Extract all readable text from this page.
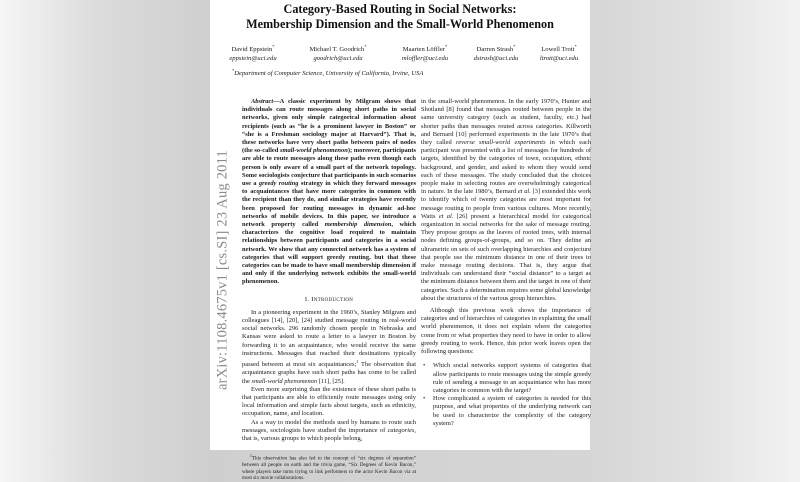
Category-Based Routing in Social Networks:
Membership Dimension and the Small-World Phenomenon
David Eppstein*
eppstein@uci.edu
Michael T. Goodrich*
goodrich@uci.edu
Maarten Löffler*
mloffler@uci.edu
Darren Strash*
dstrash@uci.edu
Lowell Trott*
ltrott@uci.edu
*Department of Computer Science, University of California, Irvine, USA
arXiv:1108.4675v1 [cs.SI] 23 Aug 2011

Abstract—A classic experiment by Milgram shows that individuals can route messages along short paths in social networks, given only simple categorical information about recipients (such as “he is a prominent lawyer in Boston” or “she is a Freshman sociology major at Harvard”). That is, these networks have very short paths between pairs of nodes (the so-called small-world phenomenon); moreover, participants are able to route messages along these paths even though each person is only aware of a small part of the network topology. Some sociologists conjecture that participants in such scenarios use a greedy routing strategy in which they forward messages to acquaintances that have more categories in common with the recipient than they do, and similar strategies have recently been proposed for routing messages in dynamic ad-hoc networks of mobile devices. In this paper, we introduce a network property called membership dimension, which characterizes the cognitive load required to maintain relationships between participants and categories in a social network. We show that any connected network has a system of categories that will support greedy routing, but that these categories can be made to have small membership dimension if and only if the underlying network exhibits the small-world phenomenon.

I. Introduction

In a pioneering experiment in the 1960’s, Stanley Milgram and colleagues [14], [20], [24] studied message routing in real-world social networks. 296 randomly chosen people in Nebraska and Kansas were asked to route a letter to a lawyer in Boston by forwarding it to an acquaintance, who would receive the same instructions. Messages that reached their destinations typically passed between at most six acquaintances;$^1$ The observation that acquaintance graphs have such short paths has come to be called the small-world phenomenon [11], [25].

Even more surprising than the existence of these short paths is that participants are able to efficiently route messages using only local information and simple facts about targets, such as ethnicity, occupation, name, and location.

As a way to model the methods used by humans to route such messages, sociologists have studied the importance of categories, that is, various groups to which people belong,

$^1$This observation has also led to the concept of “six degrees of separation” between all people on earth and the trivia game, “Six Degrees of Kevin Bacon,” where players take turns trying to link performers to the actor Kevin Bacon via at most six movie collaborations.

in the small-world phenomenon. In the early 1970’s, Hunter and Shotland [8] found that messages routed between people in the same university category (such as student, faculty, etc.) had shorter paths than messages routed across categories. Killworth and Bernard [10] performed experiments in the late 1970’s that they called reverse small-world experiments in which each participant was presented with a list of messages for hundreds of targets, identified by the categories of town, occupation, ethnic background, and gender, and asked to whom they would send each of these messages. The study concluded that the choices people make in selecting routes are overwhelmingly categorical in nature. In the late 1980’s, Bernard et al. [3] extended this work to identify which of twenty categories are most important for message routing to people from various cultures. More recently, Watts et al. [26] present a hierarchical model for categorical organization in social networks for the sake of message routing. They propose groups as the leaves of rooted trees, with internal nodes defining groups-of-groups, and so on. They define an ultrametric on sets of such overlapping hierarchies and conjecture that people use the minimum distance in one of their trees to make message routing decisions. That is, they argue that individuals can understand their “social distance” to a target as the minimum distance between them and the target in one of their categories. Such a determination requires some global knowledge about the structures of the various group hierarchies.

Although this previous work shows the importance of categories and of hierarchies of categories in explaining the small world phenomenon, it does not explain where the categories come from or what properties they need to have in order to allow greedy routing to work. Hence, this prior work leaves open the following questions:

• Which social networks support systems of categories that allow participants to route messages using the simple greedy rule of sending a message to an acquaintance who has more categories in common with the target?
• How complicated a system of categories is needed for this purpose, and what properties of the underlying network can be used to characterize the complexity of the category system?
